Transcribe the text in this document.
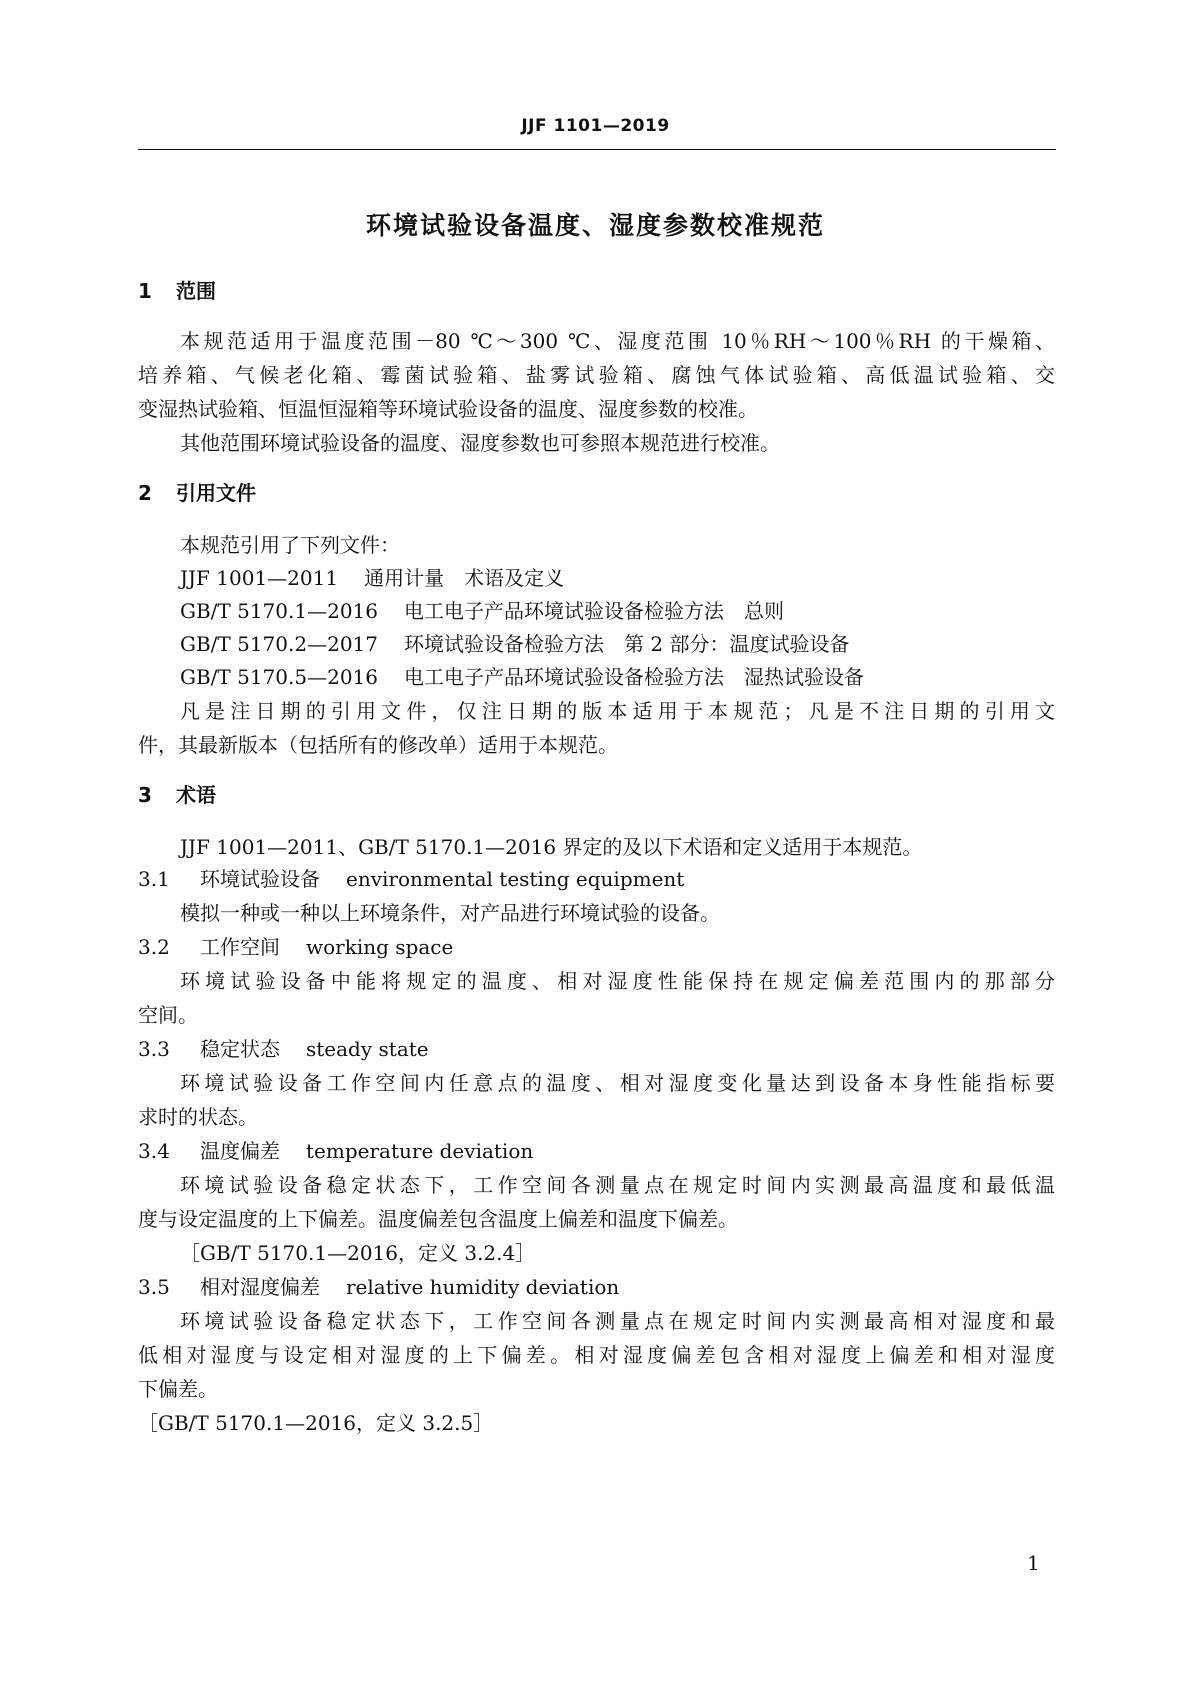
JJF 1101—2019
环境试验设备温度、湿度参数校准规范
1 范围
本规范适用于温度范围－80 ℃～300 ℃、湿度范围 10％RH～100％RH 的干燥箱、
培养箱、气候老化箱、霉菌试验箱、盐雾试验箱、腐蚀气体试验箱、高低温试验箱、交
变湿热试验箱、恒温恒湿箱等环境试验设备的温度、湿度参数的校准。
其他范围环境试验设备的温度、湿度参数也可参照本规范进行校准。
2 引用文件
本规范引用了下列文件：
JJF 1001—2011 通用计量　术语及定义
GB/T 5170.1—2016 电工电子产品环境试验设备检验方法　总则
GB/T 5170.2—2017 环境试验设备检验方法　第 2 部分：温度试验设备
GB/T 5170.5—2016 电工电子产品环境试验设备检验方法　湿热试验设备
凡是注日期的引用文件，仅注日期的版本适用于本规范；凡是不注日期的引用文
件，其最新版本（包括所有的修改单）适用于本规范。
3 术语
JJF 1001—2011、GB/T 5170.1—2016 界定的及以下术语和定义适用于本规范。
3.1 环境试验设备 environmental testing equipment
模拟一种或一种以上环境条件，对产品进行环境试验的设备。
3.2 工作空间 working space
环境试验设备中能将规定的温度、相对湿度性能保持在规定偏差范围内的那部分
空间。
3.3 稳定状态 steady state
环境试验设备工作空间内任意点的温度、相对湿度变化量达到设备本身性能指标要
求时的状态。
3.4 温度偏差 temperature deviation
环境试验设备稳定状态下，工作空间各测量点在规定时间内实测最高温度和最低温
度与设定温度的上下偏差。温度偏差包含温度上偏差和温度下偏差。
［GB/T 5170.1—2016，定义 3.2.4］
3.5 相对湿度偏差 relative humidity deviation
环境试验设备稳定状态下，工作空间各测量点在规定时间内实测最高相对湿度和最
低相对湿度与设定相对湿度的上下偏差。相对湿度偏差包含相对湿度上偏差和相对湿度
下偏差。
［GB/T 5170.1—2016，定义 3.2.5］
1
